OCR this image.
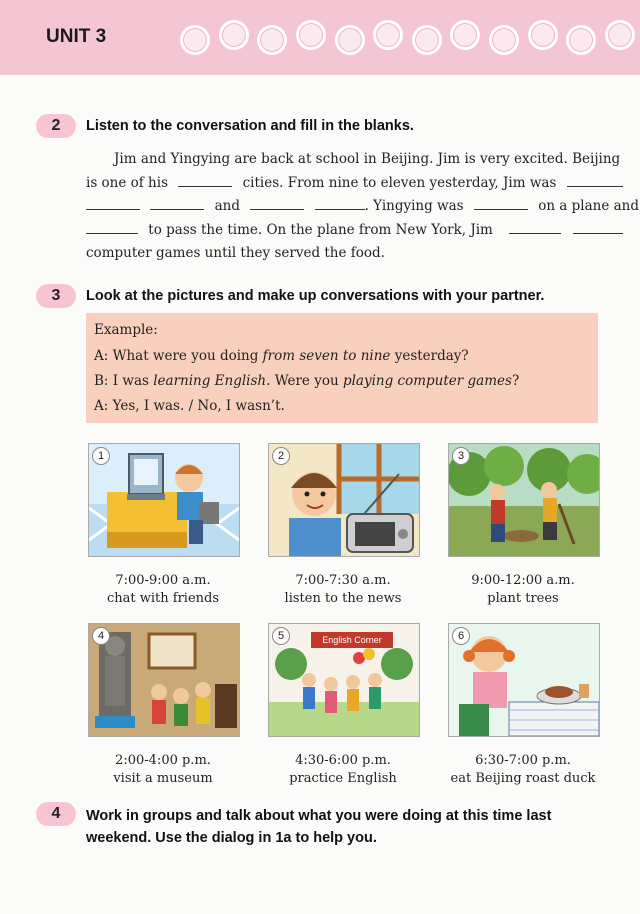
UNIT 3
2	Listen to the conversation and fill in the blanks.
Jim and Yingying are back at school in Beijing. Jim is very excited. Beijing
is one of his	cities. From nine to eleven yesterday, Jim was
and	. Yingying was	on a plane and
to pass the time. On the plane from New York, Jim
computer games until they served the food.
3	Look at the pictures and make up conversations with your partner.
Example:
A: What were you doing from seven to nine yesterday?
B: I was learning English. Were you playing computer games?
A: Yes, I was. / No, I wasn’t.
1
7:00-9:00 a.m.
chat with friends
2
7:00-7:30 a.m.
listen to the news
3
9:00-12:00 a.m.
plant trees
4
2:00-4:00 p.m.
visit a museum
5	English Corner
4:30-6:00 p.m.
practice English
6
6:30-7:00 p.m.
eat Beijing roast duck
4	Work in groups and talk about what you were doing at this time last weekend. Use the dialog in 1a to help you.
